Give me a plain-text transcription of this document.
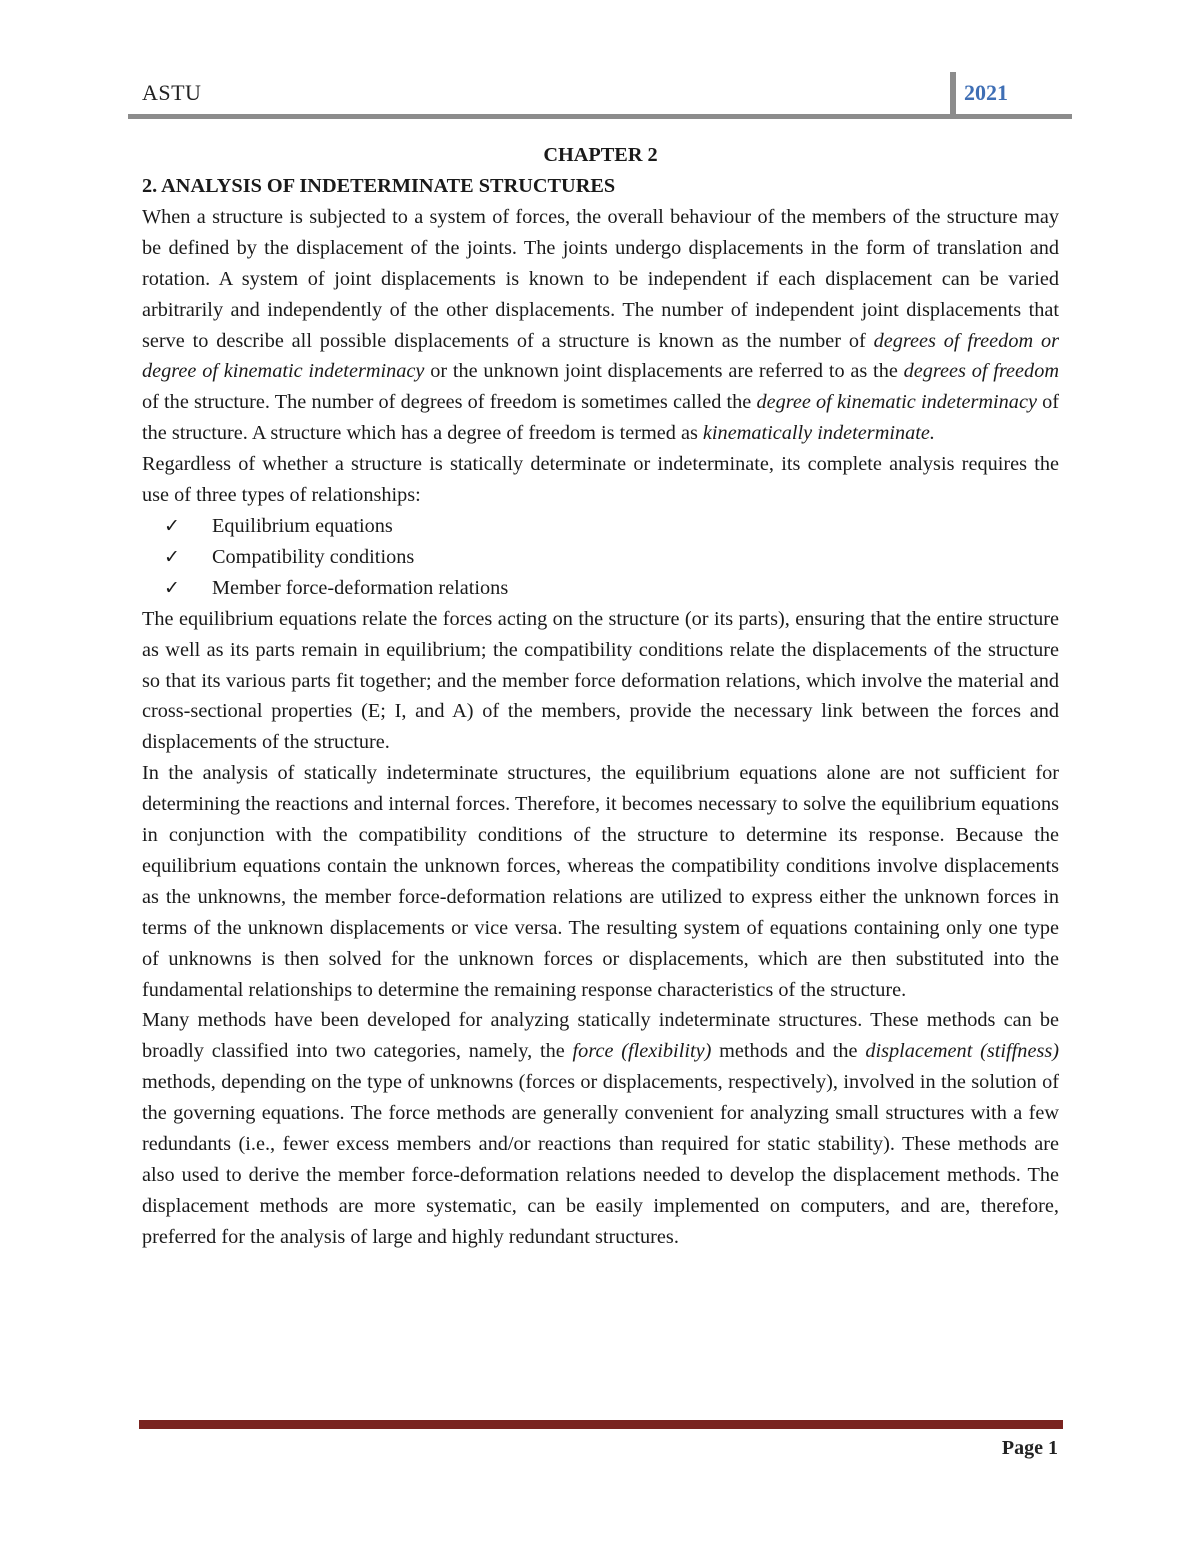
ASTU	2021

CHAPTER 2

2. ANALYSIS OF INDETERMINATE STRUCTURES

When a structure is subjected to a system of forces, the overall behaviour of the members of the structure may be defined by the displacement of the joints. The joints undergo displacements in the form of translation and rotation. A system of joint displacements is known to be independent if each displacement can be varied arbitrarily and independently of the other displacements. The number of independent joint displacements that serve to describe all possible displacements of a structure is known as the number of degrees of freedom or degree of kinematic indeterminacy or the unknown joint displacements are referred to as the degrees of freedom of the structure. The number of degrees of freedom is sometimes called the degree of kinematic indeterminacy of the structure. A structure which has a degree of freedom is termed as kinematically indeterminate.

Regardless of whether a structure is statically determinate or indeterminate, its complete analysis requires the use of three types of relationships:

✓ Equilibrium equations
✓ Compatibility conditions
✓ Member force-deformation relations

The equilibrium equations relate the forces acting on the structure (or its parts), ensuring that the entire structure as well as its parts remain in equilibrium; the compatibility conditions relate the displacements of the structure so that its various parts fit together; and the member force deformation relations, which involve the material and cross-sectional properties (E; I, and A) of the members, provide the necessary link between the forces and displacements of the structure.

In the analysis of statically indeterminate structures, the equilibrium equations alone are not sufficient for determining the reactions and internal forces. Therefore, it becomes necessary to solve the equilibrium equations in conjunction with the compatibility conditions of the structure to determine its response. Because the equilibrium equations contain the unknown forces, whereas the compatibility conditions involve displacements as the unknowns, the member force-deformation relations are utilized to express either the unknown forces in terms of the unknown displacements or vice versa. The resulting system of equations containing only one type of unknowns is then solved for the unknown forces or displacements, which are then substituted into the fundamental relationships to determine the remaining response characteristics of the structure.

Many methods have been developed for analyzing statically indeterminate structures. These methods can be broadly classified into two categories, namely, the force (flexibility) methods and the displacement (stiffness) methods, depending on the type of unknowns (forces or displacements, respectively), involved in the solution of the governing equations. The force methods are generally convenient for analyzing small structures with a few redundants (i.e., fewer excess members and/or reactions than required for static stability). These methods are also used to derive the member force-deformation relations needed to develop the displacement methods. The displacement methods are more systematic, can be easily implemented on computers, and are, therefore, preferred for the analysis of large and highly redundant structures.

Page 1
